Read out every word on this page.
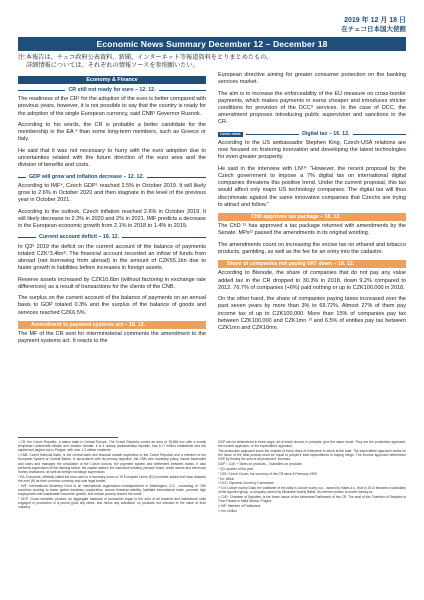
2019 年 12 月 18 日
在チェコ日本国大使館
Economic News Summary December 12 – December 18
注:本報告は、チェコ政府公表資料、新聞、インターネット等報道資料をとりまとめたもの。
詳細情報については、それぞれの情報ソースを参照願いたい。
Economy & Finance
CR still not ready for euro – 12. 12.

The readiness of the CR¹ for the adoption of the euro is better compared with previous years, however, it is not possible to say that the country is ready for the adoption of the single European currency, said CNB² Governor Rusnok.

According to his words, the CR is probable a better candidate for the membership in the EA ³ than some long-term members, such as Greece or Italy.

He said that it was not necessary to hurry with the euro adoption due to uncertainties related with the future direction of the euro area and the division of benefits and costs.

GDP will grow and inflation decrease – 12. 12.

According to IMF⁴, Czech GDP⁵ reached 2.5% in October 2019. It will likely grow to 2.6% in October 2020 and then stagnate in the level of the previous year in October 2021.

According to the outlook, Czech inflation reached 2.6% in October 2019. It will likely decrease to 2.3% in 2020 and 2% in 2021. IMF predicts a decrease in the European economic growth from 2.1% in 2018 to 1.4% in 2019.

Current account deficit – 16. 12.

In Q3⁶ 2019 the deficit on the current account of the balance of payments totaled CZK⁷3.4bn⁸. The financial account recorded an inflow of funds from abroad (net borrowing from abroad) in the amount of CZK55.1bn due to faster growth in liabilities before increases in foreign assets.

Reserve assets increased by CZK10.6bn (without factoring in exchange rate differences) as a result of transactions for the clients of the CNB.

The surplus on the current account of the balance of payments on an annual basis to GDP totaled 0.3% and the surplus of the balance of goods and services reached CZK6.5%.

Amendment to payment systems act – 16. 12.

The MF of the CR sent for interministerial comments the amendment to the payment systems act. It reacts to the

European directive aiming for greater consumer protection on the banking services market.

The aim is to increase the enforceability of the EU measure on cross-border payments, which makes payments in euros cheaper and introduces stricter conditions for provision of the DCC⁹ services. In the case of DCC, the amendment proposes introducing public supervision and sanctions in the CR.

Czech news	Digital tax – 16. 12.

According to the US ambassador Stephen King, Czech-USA relations are now focused on fostering innovation and developing the latest technologies for even greater prosperity.

He said in the interview with LN¹⁰: "However, the recent proposal by the Czech government to impose a 7% digital tax on international digital companies threatens this positive trend. Under the current proposal, this tax would affect only major US technology companies. The digital tax will thus discriminate against the same innovative companies that Czechs are trying to attract and follow."

ChD approves tax package – 18. 12.

The ChD ¹¹ has approved a tax package returned with amendments by the Senate. MPs¹² passed the amendments in its original wording.

The amendments count on increasing the excise tax on ethanol and tobacco products, gambling, as well as the fee for an entry into the cadastre.

Share of companies not paying VAT down – 18. 12.

According to Bisnode, the share of companies that do not pay any value added tax in the CR dropped to 30.3% in 2018, down 9.2% compared to 2012. 76.7% of companies (+6%) paid nothing or up to CZK100,000 in 2018.

On the other hand, the share of companies paying taxes increased over the past seven years by more than 3% to 69.72%. Almost 27% of them pay income tax of up to CZK100,000. More than 15% of companies pay tax between CZK100,000 and CZK1mn ¹³ and 6.5% of entities pay tax between CZK1mn and CZK10mn.

¹ CR: the Czech Republic, a nation state in Central Europe. The Czech Republic covers an area of 78,866 km² with a mostly temperate continental climate and oceanic climate. It is a unitary parliamentary republic, has 10.7 million inhabitants and the capital and largest city is Prague, with over 1.3 million residents.
² CNB: Czech National Bank, is the central bank and financial market supervisor in the Czech Republic and a member of the European System of Central Banks. In accordance with its primary objective, the CNB sets monetary policy, issues banknotes and coins and manages the circulation of the Czech koruna, the payment system and settlement between banks. It also performs supervision of the banking sector, the capital market, the insurance industry, pension funds, credit unions and electronic money institutions, as well as foreign exchange supervision.
³ EA: Eurozone, officially called the euro area is a monetary union of 19 European Union (EU) member states that have adopted the euro (€) as their common currency and sole legal tender.
⁴ IMF: International Monetary Fund is an international organization headquartered in Washington, D.C., consisting of "189 countries working to foster global monetary cooperation, secure financial stability, facilitate international trade, promote high employment and sustainable economic growth, and reduce poverty around the world."
⁵ GDP: Gross domestic product, an aggregate measure of production equal to the sum of all resident and institutional units engaged in production in a period (plus any taxes, and minus any subsidies, on products not included in the value of their outputs).
GDP can be determined in three ways, all of which should, in principle, give the same result. They are the production approach, the income approach, or the expenditure approach.
The production approach sums the outputs of every class of enterprise to arrive at the total. The expenditure approach works on the value of the total product must be equal to people's total expenditures in buying things. The income approach determines GDP by finding the sum of all producers' incomes.
GDP = CoE + Taxes on products – Subsidies on products
⁶ Q3: quarter of the year
⁷ CZK: Czech Crown, the currency of the CR since 8 February 1993
⁸ bn: billion
⁹ DCC: Dynamic Currency Conversion
¹⁰ LN: Lidové noviny Daily, the publisher of the daily is Lidové noviny a.s., owned by Mafra a.s., that in 2013 became a subsidiary of the Agrofert group, a company owned by billionaire Andrej Babiš. Its internet version is server lidovky.cz
¹¹ ChD: Chamber of Deputies, is the lower house of the bicameral Parliament of the CR. The seat of the Chamber of Deputies is Thun Palace in Malá Strana, Prague.
¹² MP: Member of Parliament
¹³ mn: million
